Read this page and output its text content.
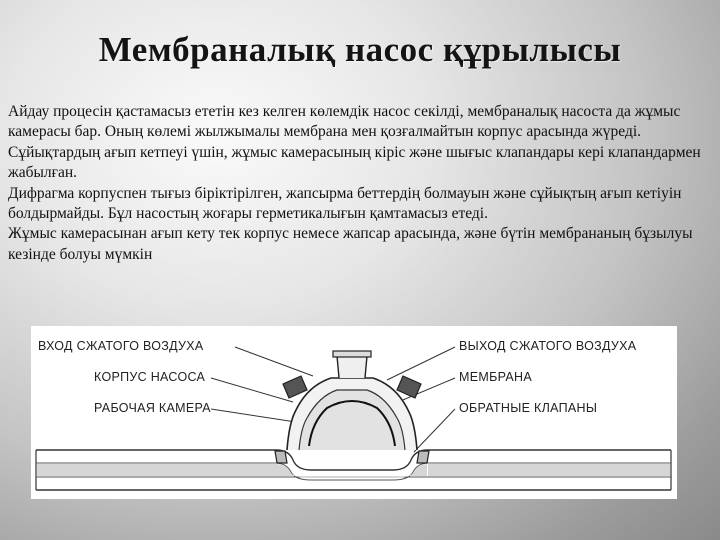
Мембраналық насос құрылысы

Айдау процесін қастамасыз ететін кез келген көлемдік насос секілді, мембраналық насоста да жұмыс камерасы бар. Оның көлемі жылжымалы мембрана мен қозғалмайтын корпус арасында жүреді. Сұйықтардың ағып кетпеуі үшін, жұмыс камерасының кіріс және шығыс клапандары кері клапандармен жабылған.

Дифрагма корпуспен тығыз біріктірілген, жапсырма беттердің болмауын және сұйықтың ағып кетіуін болдырмайды. Бұл насостың жоғары герметикалығын қамтамасыз етеді.

Жұмыс камерасынан ағып кету тек корпус немесе жапсар арасында, және бүтін мембрананың бұзылуы кезінде болуы мүмкін

ВХОД СЖАТОГО ВОЗДУХА
КОРПУС НАСОСА
РАБОЧАЯ КАМЕРА
ВЫХОД СЖАТОГО ВОЗДУХА
МЕМБРАНА
ОБРАТНЫЕ КЛАПАНЫ
